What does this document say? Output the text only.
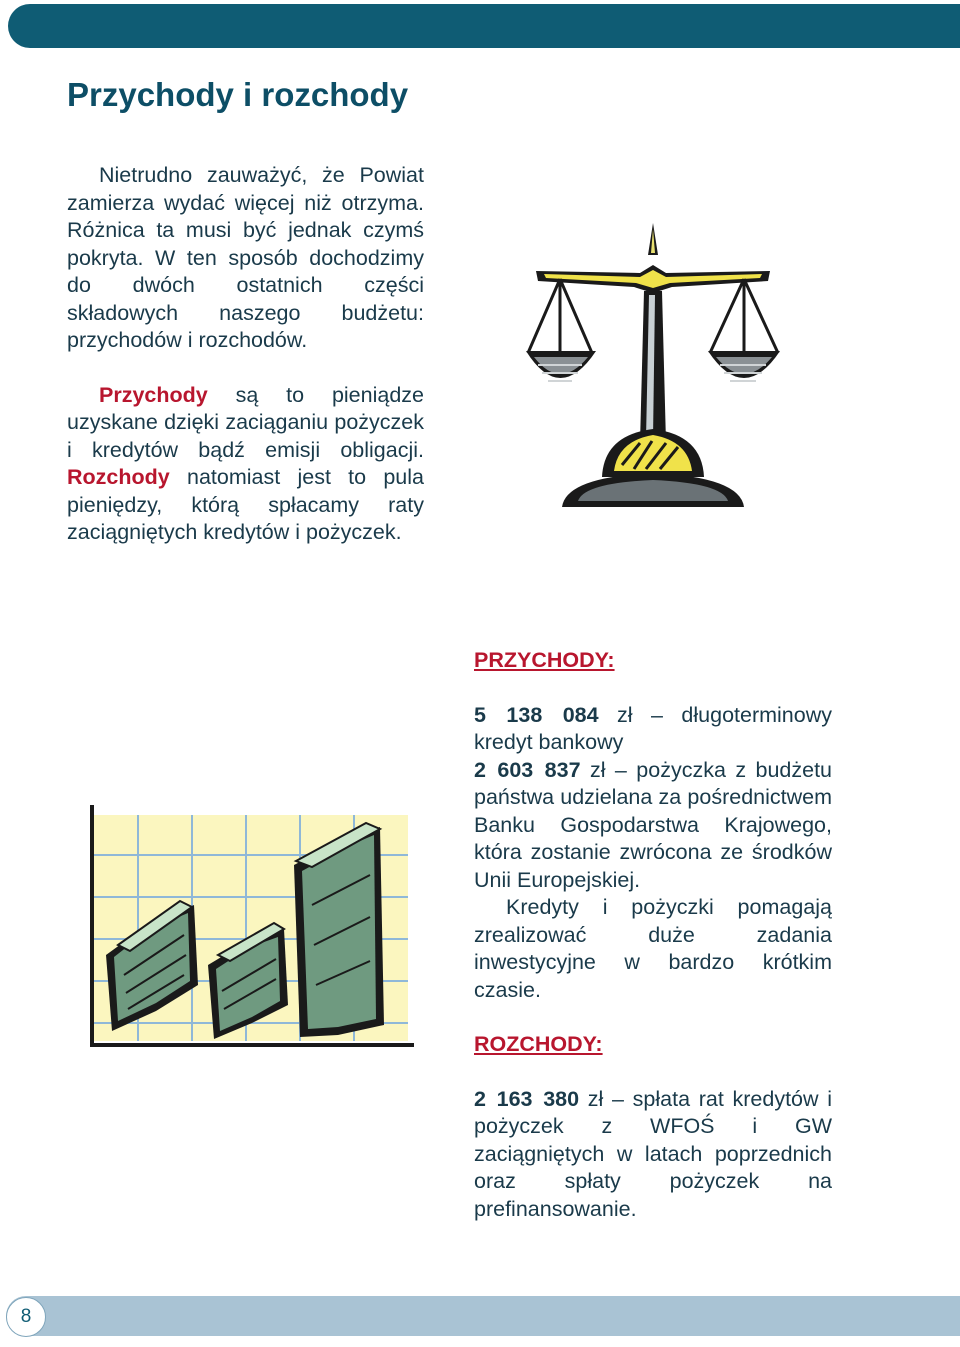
Przychody i rozchody

Nietrudno zauważyć, że Powiat zamierza wydać więcej niż otrzyma. Różnica ta musi być jednak czymś pokryta. W ten sposób dochodzimy do dwóch ostatnich części składowych naszego budżetu: przychodów i rozchodów.

Przychody są to pieniądze uzyskane dzięki zaciąganiu pożyczek i kredytów bądź emisji obligacji. Rozchody natomiast jest to pula pieniędzy, którą spłacamy raty zaciągniętych kredytów i pożyczek.

PRZYCHODY:

5 138 084 zł – długoterminowy kredyt bankowy

2 603 837 zł – pożyczka z budżetu państwa udzielana za pośrednictwem Banku Gospodarstwa Krajowego, która zostanie zwrócona ze środków Unii Europejskiej.

Kredyty i pożyczki pomagają zrealizować duże zadania inwestycyjne w bardzo krótkim czasie.

ROZCHODY:

2 163 380 zł – spłata rat kredytów i pożyczek z WFOŚ i GW zaciągniętych w latach poprzednich oraz spłaty pożyczek na prefinansowanie.

8
